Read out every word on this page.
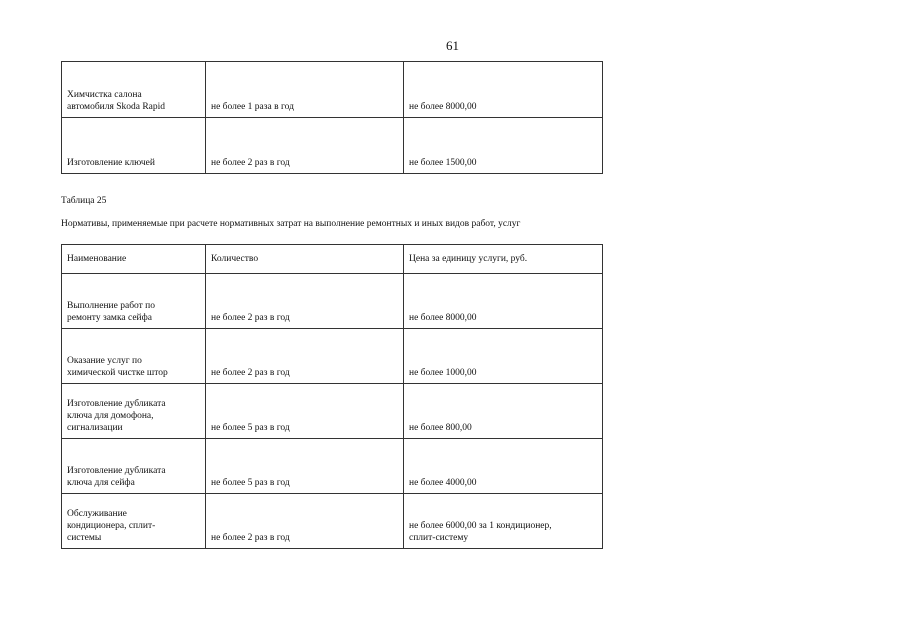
61
Химчистка салона
автомобиля Skoda Rapid	не более 1 раза в год	не более 8000,00
Изготовление ключей	не более 2 раз в год	не более 1500,00
Таблица 25
Нормативы, применяемые при расчете нормативных затрат на выполнение ремонтных и иных видов работ, услуг
Наименование	Количество	Цена за единицу услуги, руб.
Выполнение работ по
ремонту замка сейфа	не более 2 раз в год	не более 8000,00
Оказание услуг по
химической чистке штор	не более 2 раз в год	не более 1000,00
Изготовление дубликата
ключа для домофона,
сигнализации	не более 5 раз в год	не более 800,00
Изготовление дубликата
ключа для сейфа	не более 5 раз в год	не более 4000,00
Обслуживание
кондиционера, сплит-
системы	не более 2 раз в год	не более 6000,00 за 1 кондиционер,
сплит-систему
